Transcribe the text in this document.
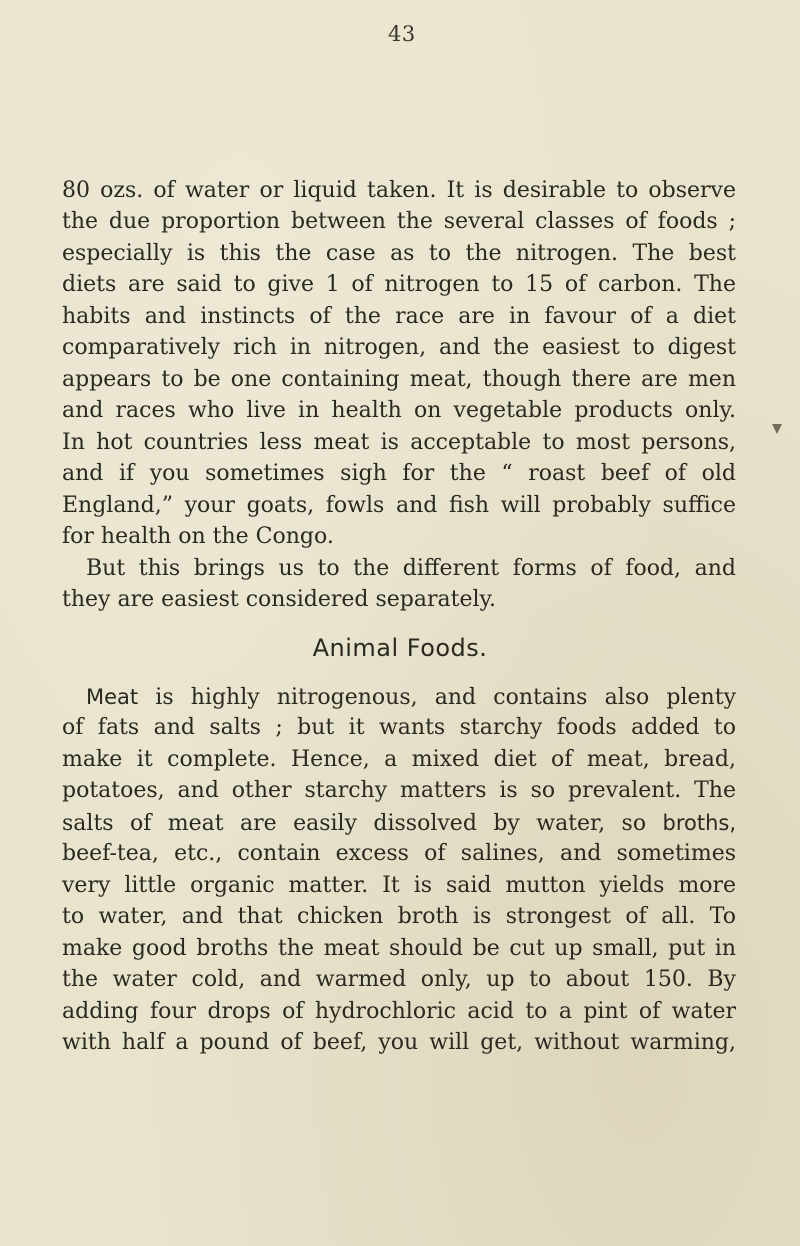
43
80 ozs. of water or liquid taken. It is desirable to observe
the due proportion between the several classes of foods ;
especially is this the case as to the nitrogen. The best
diets are said to give 1 of nitrogen to 15 of carbon. The
habits and instincts of the race are in favour of a diet
comparatively rich in nitrogen, and the easiest to digest
appears to be one containing meat, though there are men
and races who live in health on vegetable products only.
In hot countries less meat is acceptable to most persons,
and if you sometimes sigh for the “ roast beef of old
England,” your goats, fowls and fish will probably suffice
for health on the Congo.
But this brings us to the different forms of food, and
they are easiest considered separately.
Animal Foods.
Meat is highly nitrogenous, and contains also plenty
of fats and salts ; but it wants starchy foods added to
make it complete. Hence, a mixed diet of meat, bread,
potatoes, and other starchy matters is so prevalent. The
salts of meat are easily dissolved by water, so broths,
beef-tea, etc., contain excess of salines, and sometimes
very little organic matter. It is said mutton yields more
to water, and that chicken broth is strongest of all. To
make good broths the meat should be cut up small, put in
the water cold, and warmed only, up to about 150. By
adding four drops of hydrochloric acid to a pint of water
with half a pound of beef, you will get, without warming,
